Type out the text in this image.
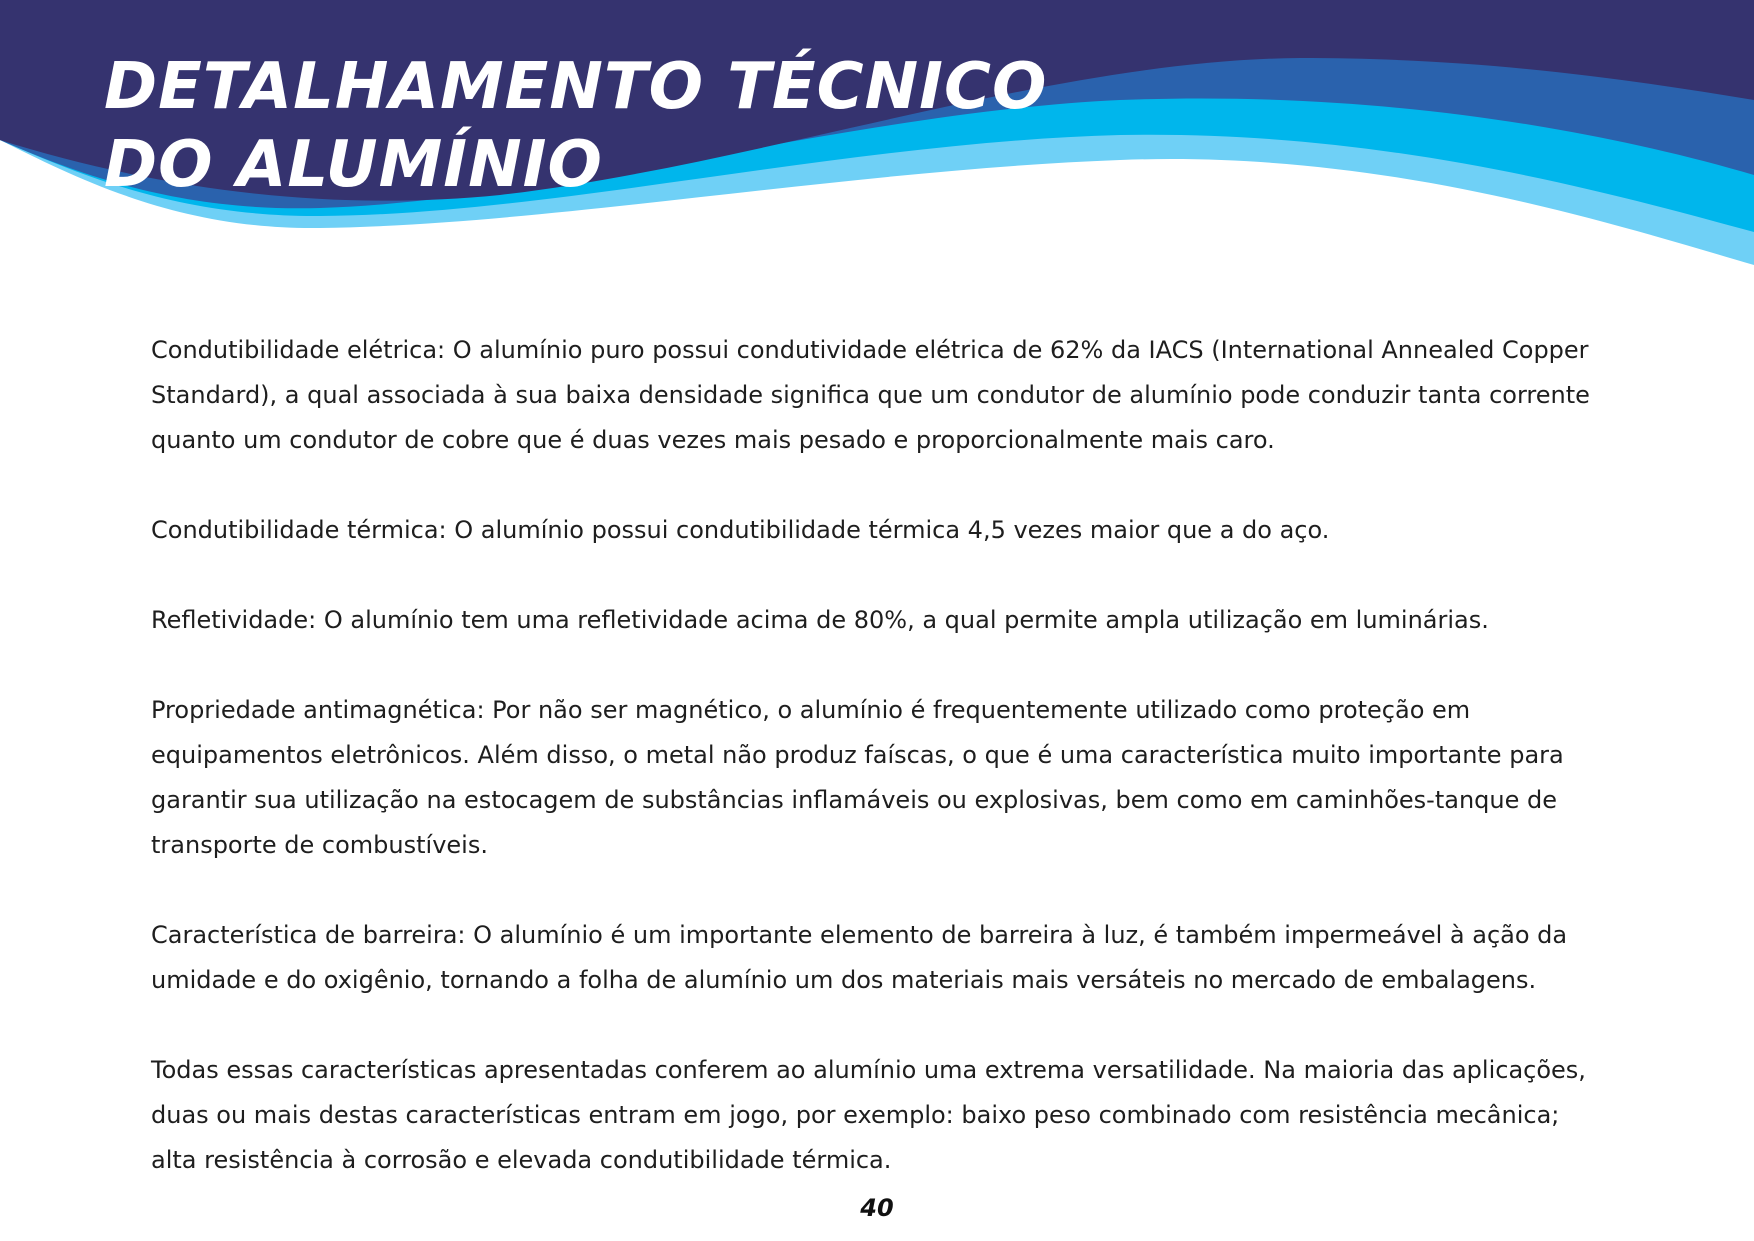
DETALHAMENTO TÉCNICO
DO ALUMÍNIO

Condutibilidade elétrica: O alumínio puro possui condutividade elétrica de 62% da IACS (International Annealed Copper Standard), a qual associada à sua baixa densidade significa que um condutor de alumínio pode conduzir tanta corrente quanto um condutor de cobre que é duas vezes mais pesado e proporcionalmente mais caro.

Condutibilidade térmica: O alumínio possui condutibilidade térmica 4,5 vezes maior que a do aço.

Refletividade: O alumínio tem uma refletividade acima de 80%, a qual permite ampla utilização em luminárias.

Propriedade antimagnética: Por não ser magnético, o alumínio é frequentemente utilizado como proteção em equipamentos eletrônicos. Além disso, o metal não produz faíscas, o que é uma característica muito importante para garantir sua utilização na estocagem de substâncias inflamáveis ou explosivas, bem como em caminhões-tanque de transporte de combustíveis.

Característica de barreira: O alumínio é um importante elemento de barreira à luz, é também impermeável à ação da umidade e do oxigênio, tornando a folha de alumínio um dos materiais mais versáteis no mercado de embalagens.

Todas essas características apresentadas conferem ao alumínio uma extrema versatilidade. Na maioria das aplicações, duas ou mais destas características entram em jogo, por exemplo: baixo peso combinado com resistência mecânica; alta resistência à corrosão e elevada condutibilidade térmica.

40
